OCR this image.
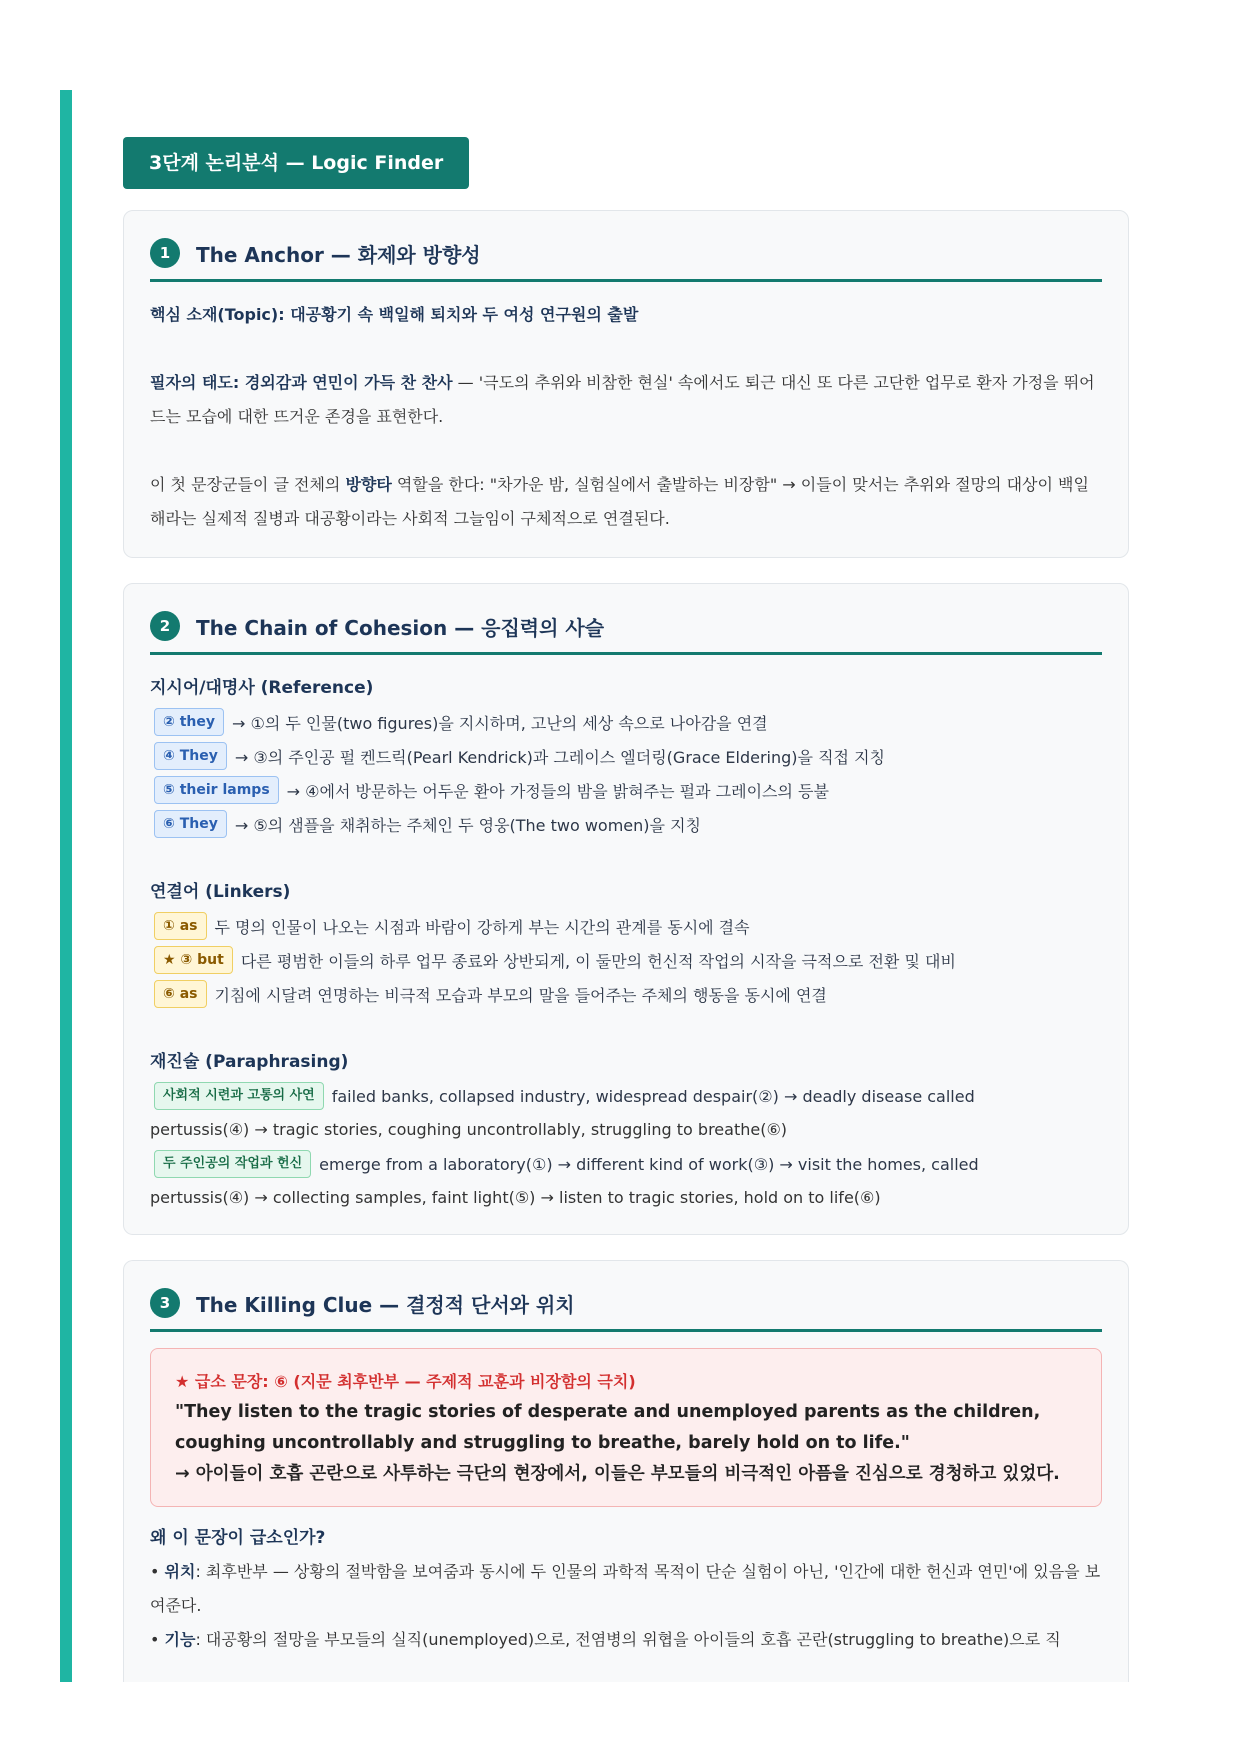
3단계 논리분석 — Logic Finder
1	The Anchor — 화제와 방향성

핵심 소재(Topic): 대공황기 속 백일해 퇴치와 두 여성 연구원의 출발

필자의 태도: 경외감과 연민이 가득 찬 찬사 — '극도의 추위와 비참한 현실' 속에서도 퇴근 대신 또 다른 고단한 업무로 환자 가정을 뛰어드는 모습에 대한 뜨거운 존경을 표현한다.

이 첫 문장군들이 글 전체의 방향타 역할을 한다: "차가운 밤, 실험실에서 출발하는 비장함" → 이들이 맞서는 추위와 절망의 대상이 백일해라는 실제적 질병과 대공황이라는 사회적 그늘임이 구체적으로 연결된다.

2	The Chain of Cohesion — 응집력의 사슬
지시어/대명사 (Reference)
② they	→ ①의 두 인물(two figures)을 지시하며, 고난의 세상 속으로 나아감을 연결
④ They	→ ③의 주인공 펄 켄드릭(Pearl Kendrick)과 그레이스 엘더링(Grace Eldering)을 직접 지칭
⑤ their lamps	→ ④에서 방문하는 어두운 환아 가정들의 밤을 밝혀주는 펄과 그레이스의 등불
⑥ They	→ ⑤의 샘플을 채취하는 주체인 두 영웅(The two women)을 지칭
연결어 (Linkers)
① as	두 명의 인물이 나오는 시점과 바람이 강하게 부는 시간의 관계를 동시에 결속
★ ③ but	다른 평범한 이들의 하루 업무 종료와 상반되게, 이 둘만의 헌신적 작업의 시작을 극적으로 전환 및 대비
⑥ as	기침에 시달려 연명하는 비극적 모습과 부모의 말을 들어주는 주체의 행동을 동시에 연결
재진술 (Paraphrasing)
사회적 시련과 고통의 사연	failed banks, collapsed industry, widespread despair(②) → deadly disease called
pertussis(④) → tragic stories, coughing uncontrollably, struggling to breathe(⑥)
두 주인공의 작업과 헌신	emerge from a laboratory(①) → different kind of work(③) → visit the homes, called
pertussis(④) → collecting samples, faint light(⑤) → listen to tragic stories, hold on to life(⑥)
3	The Killing Clue — 결정적 단서와 위치
★ 급소 문장: ⑥ (지문 최후반부 — 주제적 교훈과 비장함의 극치)
"They listen to the tragic stories of desperate and unemployed parents as the children,
coughing uncontrollably and struggling to breathe, barely hold on to life."
→ 아이들이 호흡 곤란으로 사투하는 극단의 현장에서, 이들은 부모들의 비극적인 아픔을 진심으로 경청하고 있었다.
왜 이 문장이 급소인가?

• 위치: 최후반부 — 상황의 절박함을 보여줌과 동시에 두 인물의 과학적 목적이 단순 실험이 아닌, '인간에 대한 헌신과 연민'에 있음을 보여준다.

• 기능: 대공황의 절망을 부모들의 실직(unemployed)으로, 전염병의 위협을 아이들의 호흡 곤란(struggling to breathe)으로 직
